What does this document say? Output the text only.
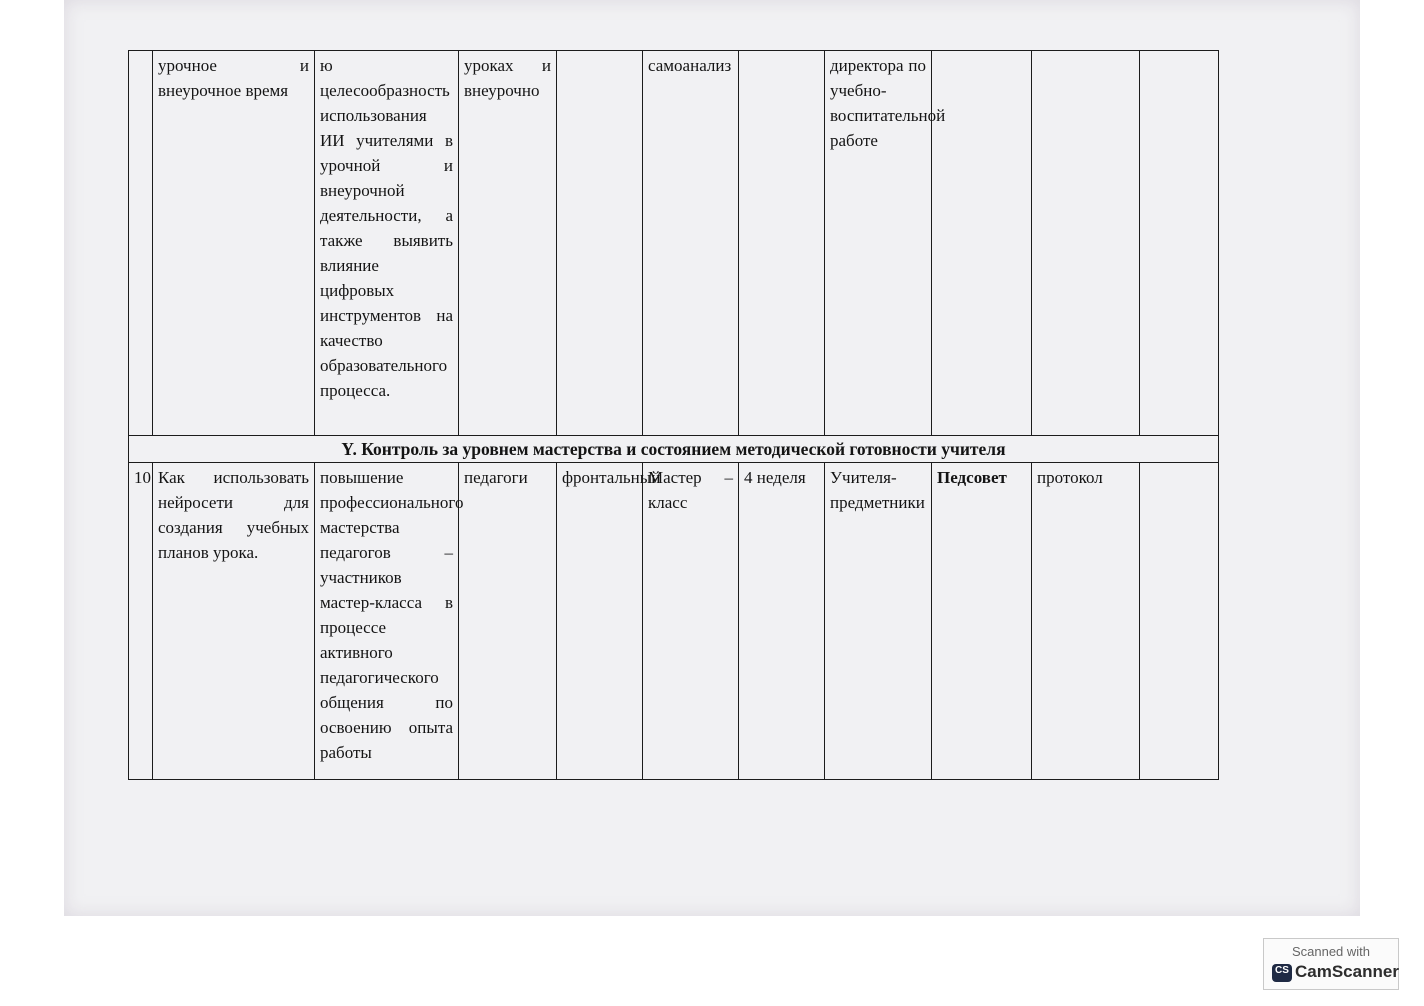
	урочное и внеурочное время	ю целесообразность использования ИИ учителями в урочной и внеурочной деятельности, а также выявить влияние цифровых инструментов на качество образовательного процесса.	уроках и внеурочно		самоанализ		директора по учебно-воспитательной работе			
Y. Контроль за уровнем мастерства и состоянием методической готовности учителя										
10	Как использовать нейросети для создания учебных планов урока.	повышение профессионального мастерства педагогов – участников мастер-класса в процессе активного педагогического общения по освоению опыта работы	педагоги	фронтальный	Мастер – класс	4 неделя	Учителя-предметники	Педсовет	протокол	
Scanned with
CS
CamScanner
